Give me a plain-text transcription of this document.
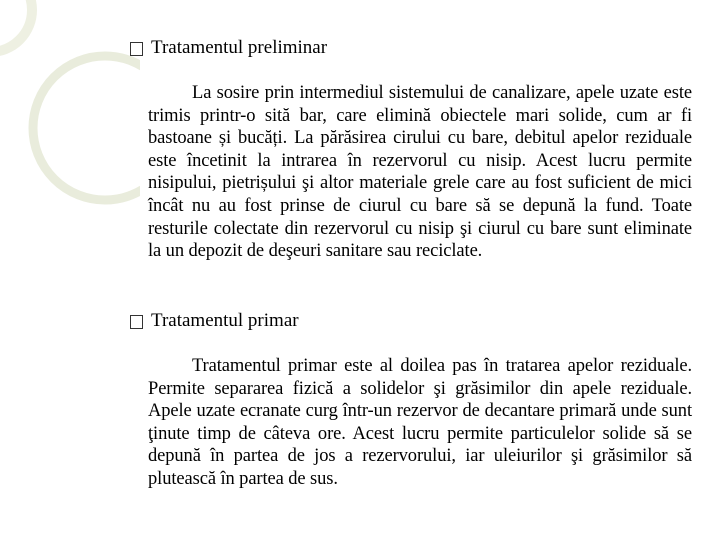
Tratamentul preliminar
La sosire prin intermediul sistemului de canalizare, apele uzate este trimis printr-o sită bar, care elimină obiectele mari solide, cum ar fi bastoane și bucăți. La părăsirea cirului cu bare, debitul apelor reziduale este încetinit la intrarea în rezervorul cu nisip. Acest lucru permite nisipului, pietrișului şi altor materiale grele care au fost suficient de mici încât nu au fost prinse de ciurul cu bare să se depună la fund. Toate resturile colectate din rezervorul cu nisip şi ciurul cu bare sunt eliminate la un depozit de deşeuri sanitare sau reciclate.
Tratamentul primar
Tratamentul primar este al doilea pas în tratarea apelor reziduale. Permite separarea fizică a solidelor şi grăsimilor din apele reziduale. Apele uzate ecranate curg într-un rezervor de decantare primară unde sunt ţinute timp de câteva ore. Acest lucru permite particulelor solide să se depună în partea de jos a rezervorului, iar uleiurilor şi grăsimilor să plutească în partea de sus.
